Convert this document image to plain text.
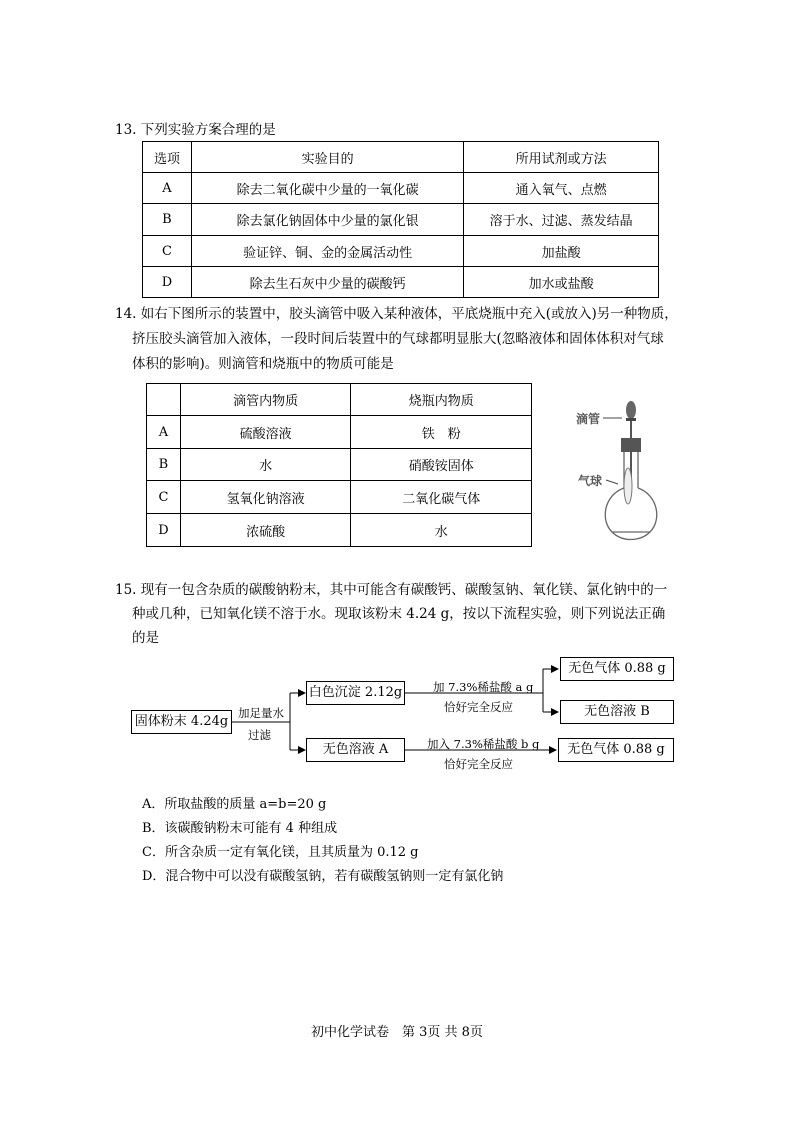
13. 下列实验方案合理的是
选项	实验目的	所用试剂或方法
A	除去二氧化碳中少量的一氧化碳	通入氧气、点燃
B	除去氯化钠固体中少量的氯化银	溶于水、过滤、蒸发结晶
C	验证锌、铜、金的金属活动性	加盐酸
D	除去生石灰中少量的碳酸钙	加水或盐酸
14. 如右下图所示的装置中，胶头滴管中吸入某种液体，平底烧瓶中充入(或放入)另一种物质，
挤压胶头滴管加入液体，一段时间后装置中的气球都明显胀大(忽略液体和固体体积对气球
体积的影响)。则滴管和烧瓶中的物质可能是
	滴管内物质	烧瓶内物质
A	硫酸溶液	铁　粉
B	水	硝酸铵固体
C	氢氧化钠溶液	二氧化碳气体
D	浓硫酸	水
滴管
气球
15. 现有一包含杂质的碳酸钠粉末，其中可能含有碳酸钙、碳酸氢钠、氧化镁、氯化钠中的一
种或几种，已知氧化镁不溶于水。现取该粉末 4.24 g，按以下流程实验，则下列说法正确
的是
固体粉末 4.24g
加足量水
过滤
白色沉淀 2.12g
无色溶液 A
加 7.3%稀盐酸 a g
恰好完全反应
加入 7.3%稀盐酸 b g
恰好完全反应
无色气体 0.88 g
无色溶液 B
无色气体 0.88 g
A．所取盐酸的质量 a=b=20 g
B．该碳酸钠粉末可能有 4 种组成
C．所含杂质一定有氧化镁，且其质量为 0.12 g
D．混合物中可以没有碳酸氢钠，若有碳酸氢钠则一定有氯化钠
初中化学试卷　第 3页 共 8页
